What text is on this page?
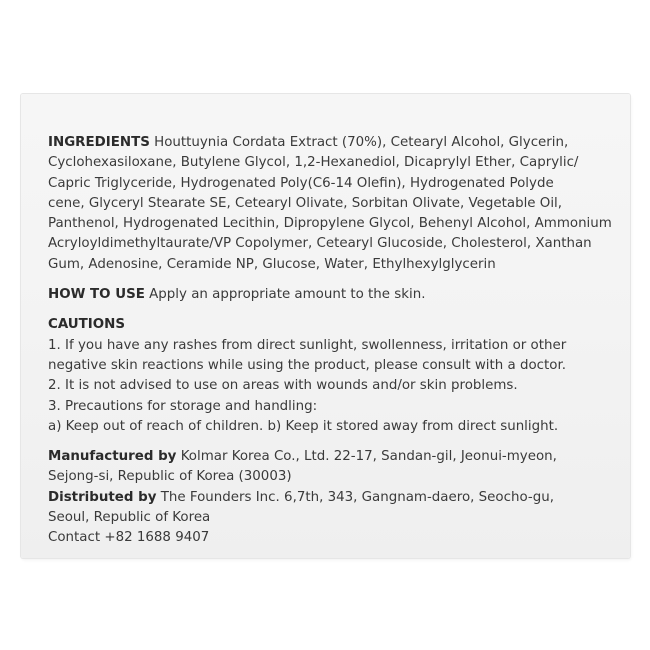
INGREDIENTS Houttuynia Cordata Extract (70%), Cetearyl Alcohol, Glycerin,
Cyclohexasiloxane, Butylene Glycol, 1,2-Hexanediol, Dicaprylyl Ether, Caprylic/
Capric Triglyceride, Hydrogenated Poly(C6-14 Olefin), Hydrogenated Polyde
cene, Glyceryl Stearate SE, Cetearyl Olivate, Sorbitan Olivate, Vegetable Oil,
Panthenol, Hydrogenated Lecithin, Dipropylene Glycol, Behenyl Alcohol, Ammonium
Acryloyldimethyltaurate/VP Copolymer, Cetearyl Glucoside, Cholesterol, Xanthan
Gum, Adenosine, Ceramide NP, Glucose, Water, Ethylhexylglycerin
HOW TO USE Apply an appropriate amount to the skin.
CAUTIONS
1. If you have any rashes from direct sunlight, swollenness, irritation or other
negative skin reactions while using the product, please consult with a doctor.
2. It is not advised to use on areas with wounds and/or skin problems.
3. Precautions for storage and handling:
a) Keep out of reach of children. b) Keep it stored away from direct sunlight.
Manufactured by Kolmar Korea Co., Ltd. 22-17, Sandan-gil, Jeonui-myeon,
Sejong-si, Republic of Korea (30003)
Distributed by The Founders Inc. 6,7th, 343, Gangnam-daero, Seocho-gu,
Seoul, Republic of Korea
Contact +82 1688 9407
